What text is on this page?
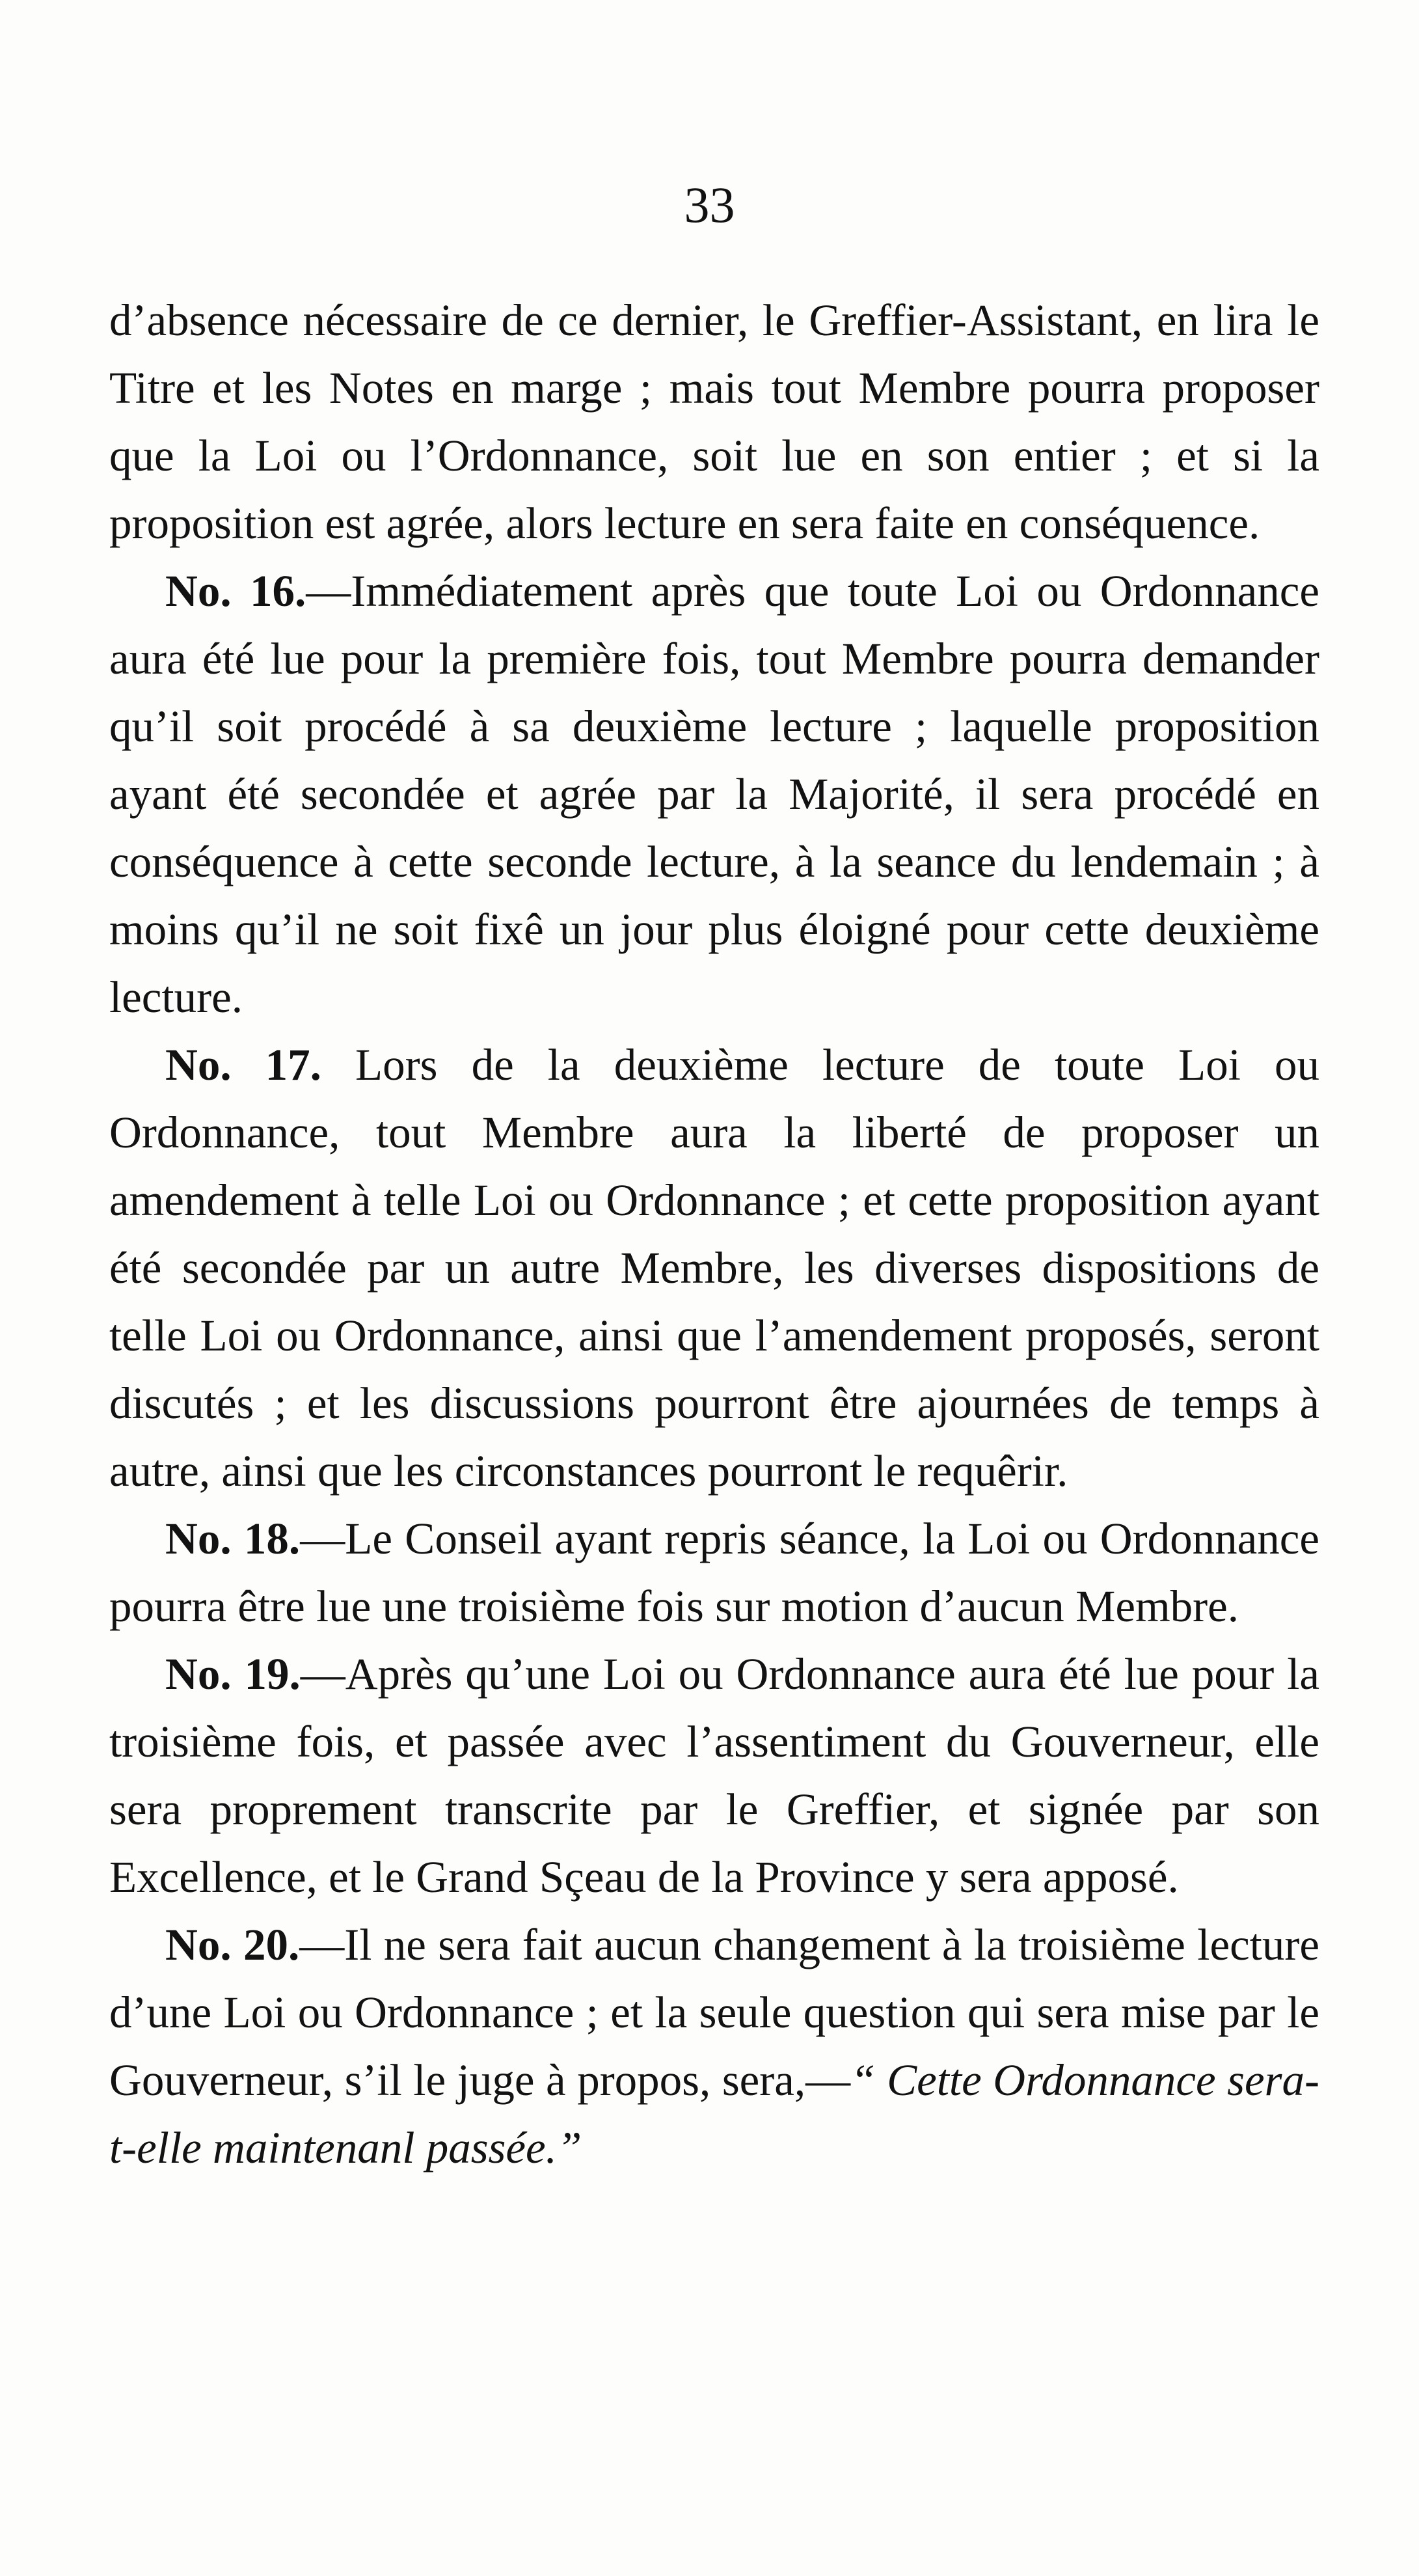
33

d’absence nécessaire de ce dernier, le Greffier-Assistant, en lira le Titre et les Notes en marge ; mais tout Membre pourra proposer que la Loi ou l’Ordonnance, soit lue en son entier ; et si la proposition est agrée, alors lecture en sera faite en conséquence.

No. 16.—Immédiatement après que toute Loi ou Ordonnance aura été lue pour la première fois, tout Membre pourra demander qu’il soit procédé à sa deuxième lecture ; laquelle proposition ayant été secondée et agrée par la Majorité, il sera procédé en conséquence à cette seconde lecture, à la seance du lendemain ; à moins qu’il ne soit fixê un jour plus éloigné pour cette deuxième lecture.

No. 17. Lors de la deuxième lecture de toute Loi ou Ordonnance, tout Membre aura la liberté de proposer un amendement à telle Loi ou Ordonnance ; et cette proposition ayant été secondée par un autre Membre, les diverses dispositions de telle Loi ou Ordonnance, ainsi que l’amendement proposés, seront discutés ; et les discussions pourront être ajournées de temps à autre, ainsi que les circonstances pourront le requêrir.

No. 18.—Le Conseil ayant repris séance, la Loi ou Ordonnance pourra être lue une troisième fois sur motion d’aucun Membre.

No. 19.—Après qu’une Loi ou Ordonnance aura été lue pour la troisième fois, et passée avec l’assentiment du Gouverneur, elle sera proprement transcrite par le Greffier, et signée par son Excellence, et le Grand Sçeau de la Province y sera apposé.

No. 20.—Il ne sera fait aucun changement à la troisième lecture d’une Loi ou Ordonnance ; et la seule question qui sera mise par le Gouverneur, s’il le juge à propos, sera,—“ Cette Ordonnance sera-t-elle maintenanl passée.”
